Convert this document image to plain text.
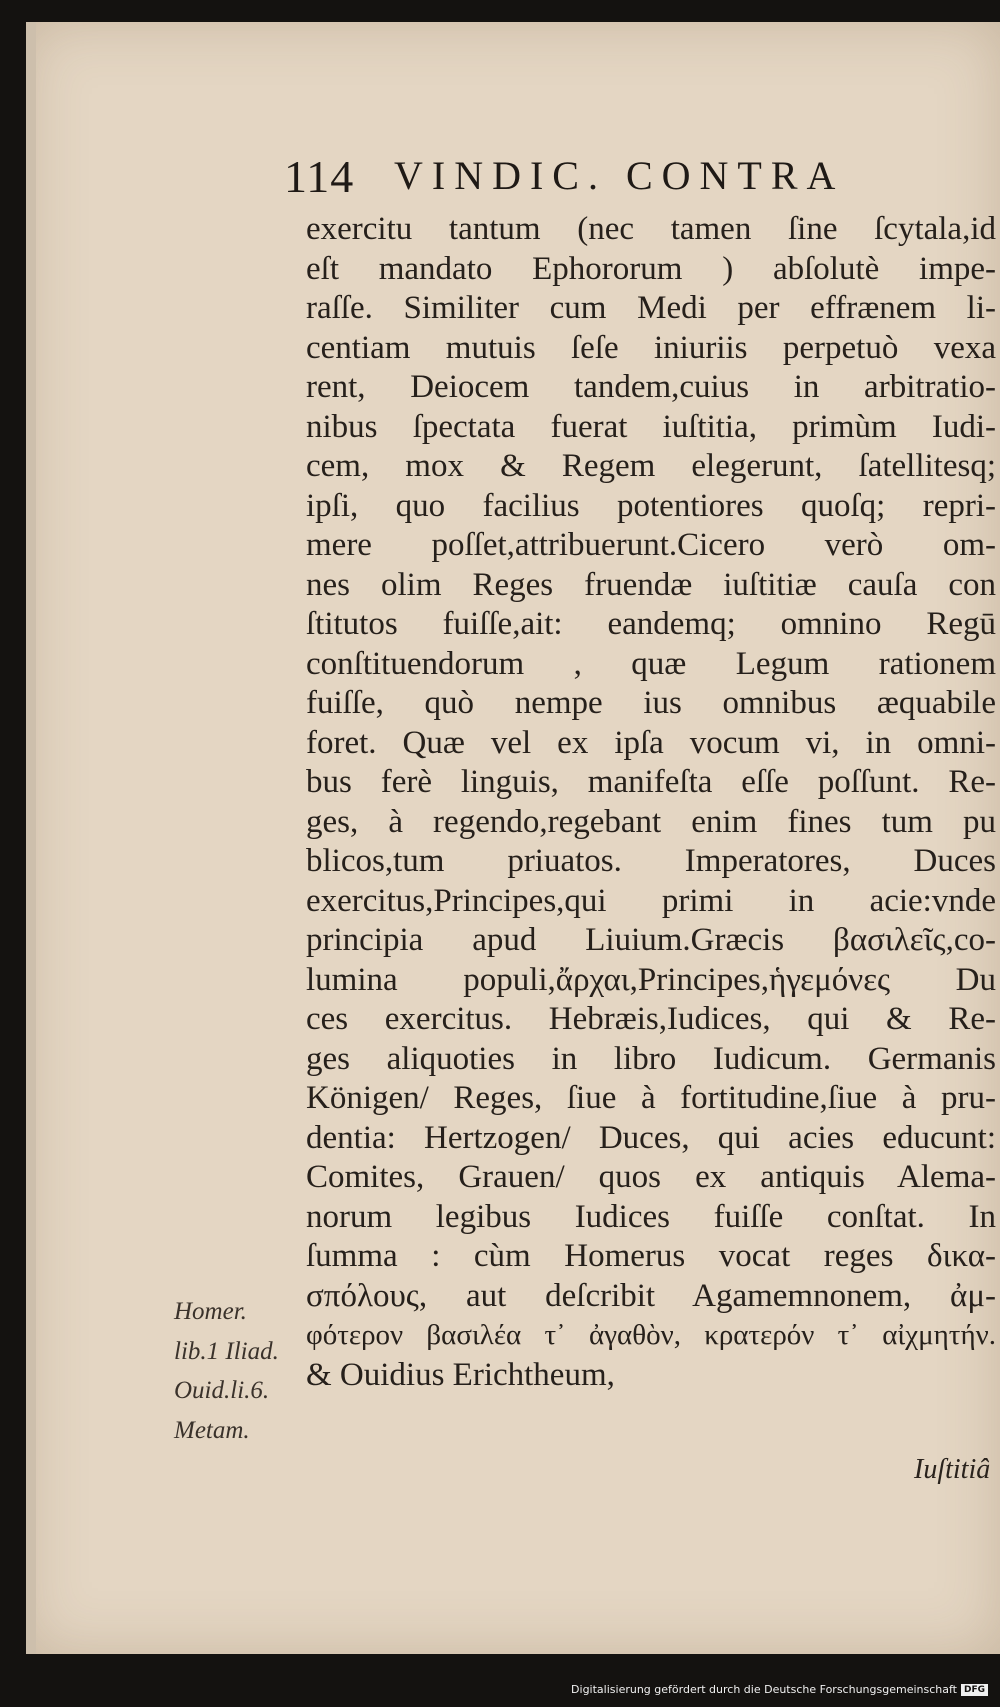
114 VINDIC. CONTRA
exercitu tantum (nec tamen ſine ſcytala,id
eſt mandato Ephororum ) abſolutè impe-
raſſe. Similiter cum Medi per effrænem li-
centiam mutuis ſeſe iniuriis perpetuò vexa
rent, Deiocem tandem,cuius in arbitratio-
nibus ſpectata fuerat iuſtitia, primùm Iudi-
cem, mox & Regem elegerunt, ſatellitesq;
ipſi, quo facilius potentiores quoſq; repri-
mere poſſet,attribuerunt.Cicero verò om-
nes olim Reges fruendæ iuſtitiæ cauſa con
ſtitutos fuiſſe,ait: eandemq; omnino Regū
conſtituendorum , quæ Legum rationem
fuiſſe, quò nempe ius omnibus æquabile
foret. Quæ vel ex ipſa vocum vi, in omni-
bus ferè linguis, manifeſta eſſe poſſunt. Re-
ges, à regendo,regebant enim fines tum pu
blicos,tum priuatos. Imperatores, Duces
exercitus,Principes,qui primi in acie:vnde
principia apud Liuium.Græcis βασιλεῖς,co-
lumina populi,ἄρχαι,Principes,ἡγεμόνες Du
ces exercitus. Hebræis,Iudices, qui & Re-
ges aliquoties in libro Iudicum. Germanis
Königen/ Reges, ſiue à fortitudine,ſiue à pru-
dentia: Hertzogen/ Duces, qui acies educunt:
Comites, Grauen/ quos ex antiquis Alema-
norum legibus Iudices fuiſſe conſtat. In
ſumma : cùm Homerus vocat reges δικα-
σπόλους, aut deſcribit Agamemnonem, ἀμ-
φότερον βασιλέα τ᾽ ἀγαθὸν, κρατερόν τ᾽ αἰχμητήν.
& Ouidius Erichtheum,
Homer.
lib.1 Iliad.
Ouid.li.6.
Metam.
Iuſtitiâ
Digitalisierung gefördert durch die Deutsche Forschungsgemeinschaft DFG
